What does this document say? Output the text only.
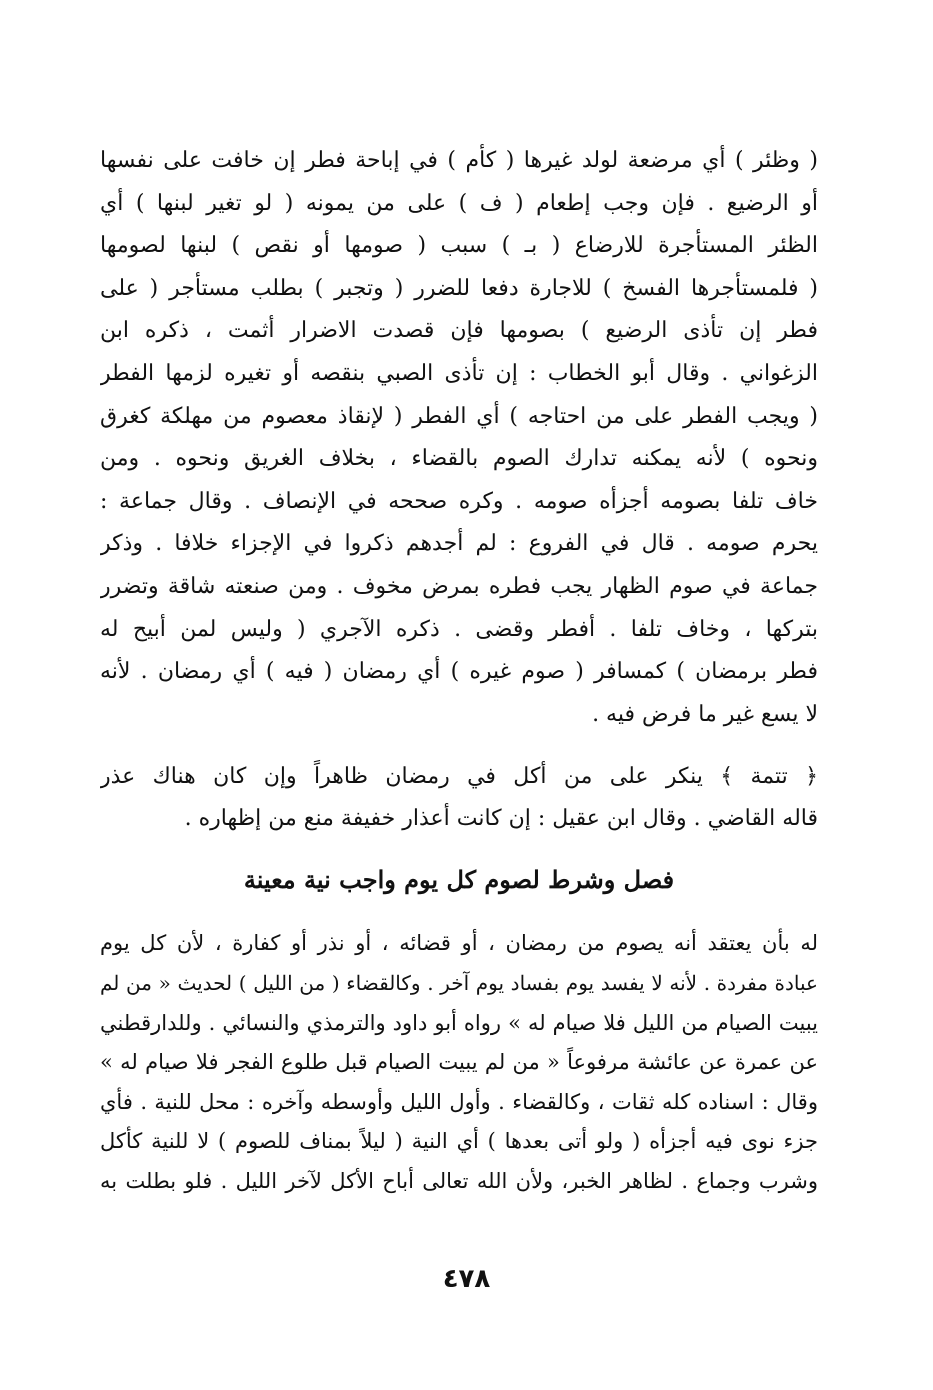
( وظئر ) أي مرضعة لولد غيرها ( كأم ) في إباحة فطر إن خافت على نفسها
أو الرضيع . فإن وجب إطعام ( ف ) على من يمونه ( لو تغير لبنها ) أي
الظئر المستأجرة للارضاع ( بـ ) سبب ( صومها أو نقص ) لبنها لصومها
( فلمستأجرها الفسخ ) للاجارة دفعا للضرر ( وتجبر ) بطلب مستأجر ( على
فطر إن تأذى الرضيع ) بصومها فإن قصدت الاضرار أثمت ، ذكره ابن
الزغواني . وقال أبو الخطاب : إن تأذى الصبي بنقصه أو تغيره لزمها الفطر
( ويجب الفطر على من احتاجه ) أي الفطر ( لإنقاذ معصوم من مهلكة كغرق
ونحوه ) لأنه يمكنه تدارك الصوم بالقضاء ، بخلاف الغريق ونحوه . ومن
خاف تلفا بصومه أجزأه صومه . وكره صححه في الإنصاف . وقال جماعة :
يحرم صومه . قال في الفروع : لم أجدهم ذكروا في الإجزاء خلافا . وذكر
جماعة في صوم الظهار يجب فطره بمرض مخوف . ومن صنعته شاقة وتضرر
بتركها ، وخاف تلفا . أفطر وقضى . ذكره الآجري ( وليس لمن أبيح له
فطر برمضان ) كمسافر ( صوم غيره ) أي رمضان ( فيه ) أي رمضان . لأنه
لا يسع غير ما فرض فيه .
﴿ تتمة ﴾ ينكر على من أكل في رمضان ظاهراً وإن كان هناك عذر
قاله القاضي . وقال ابن عقيل : إن كانت أعذار خفيفة منع من إظهاره .
فصل وشرط لصوم كل يوم واجب نية معينة
له بأن يعتقد أنه يصوم من رمضان ، أو قضائه ، أو نذر أو كفارة ، لأن كل يوم
عبادة مفردة . لأنه لا يفسد يوم بفساد يوم آخر . وكالقضاء ( من الليل ) لحديث « من لم
يبيت الصيام من الليل فلا صيام له » رواه أبو داود والترمذي والنسائي . وللدارقطني
عن عمرة عن عائشة مرفوعاً « من لم يبيت الصيام قبل طلوع الفجر فلا صيام له »
وقال : اسناده كله ثقات ، وكالقضاء . وأول الليل وأوسطه وآخره : محل للنية . فأي
جزء نوى فيه أجزأه ( ولو أتى بعدها ) أي النية ( ليلاً بمناف للصوم ) لا للنية كأكل
وشرب وجماع . لظاهر الخبر، ولأن الله تعالى أباح الأكل لآخر الليل . فلو بطلت به
٤٧٨
